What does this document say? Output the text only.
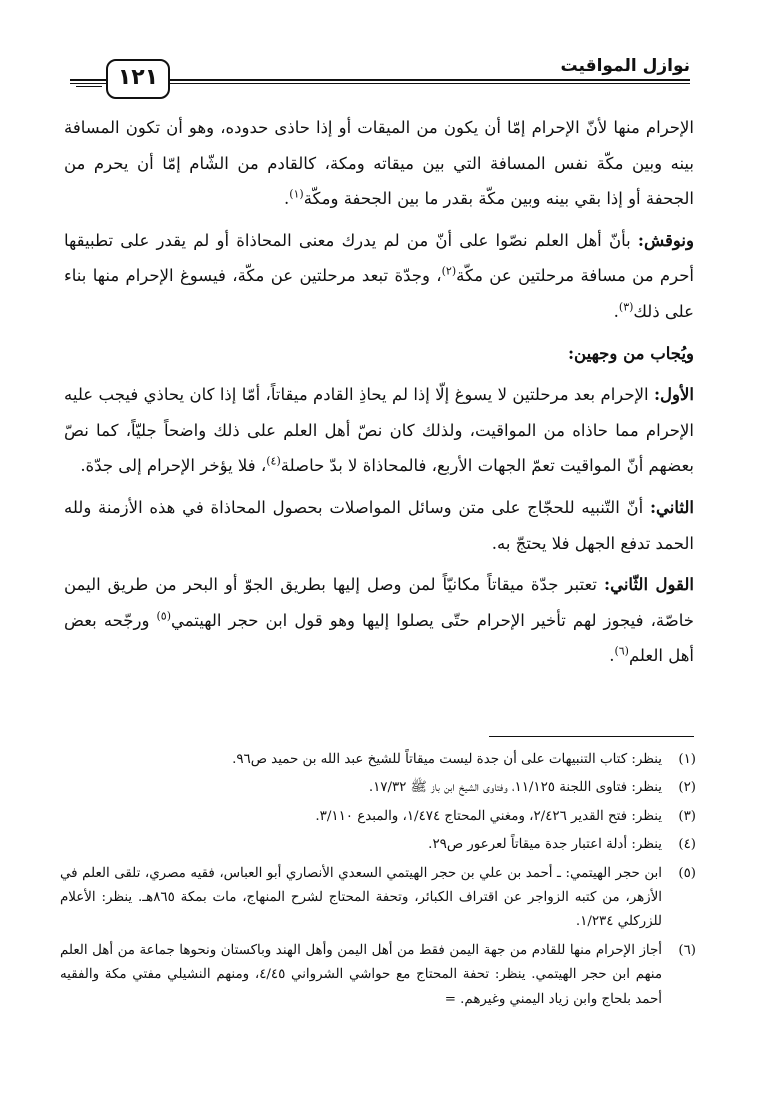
١٢١	نوازل المواقيت

الإحرام منها لأنّ الإحرام إمّا أن يكون من الميقات أو إذا حاذى حدوده، وهو أن تكون المسافة بينه وبين مكّة نفس المسافة التي بين ميقاته ومكة، كالقادم من الشّام إمّا أن يحرم من الجحفة أو إذا بقي بينه وبين مكّة بقدر ما بين الجحفة ومكّة$^{(١)}$.

ونوقش: بأنّ أهل العلم نصّوا على أنّ من لم يدرك معنى المحاذاة أو لم يقدر على تطبيقها أحرم من مسافة مرحلتين عن مكّة$^{(٢)}$، وجدّة تبعد مرحلتين عن مكّة، فيسوغ الإحرام منها بناء على ذلك$^{(٣)}$.

ويُجاب من وجهين:

الأول: الإحرام بعد مرحلتين لا يسوغ إلّا إذا لم يحاذِ القادم ميقاتاً، أمّا إذا كان يحاذي فيجب عليه الإحرام مما حاذاه من المواقيت، ولذلك كان نصّ أهل العلم على ذلك واضحاً جليّاً، كما نصّ بعضهم أنّ المواقيت تعمّ الجهات الأربع، فالمحاذاة لا بدّ حاصلة$^{(٤)}$، فلا يؤخر الإحرام إلى جدّة.

الثاني: أنّ التّنبيه للحجّاج على متن وسائل المواصلات بحصول المحاذاة في هذه الأزمنة ولله الحمد تدفع الجهل فلا يحتجّ به.

القول الثّاني: تعتبر جدّة ميقاتاً مكانيّاً لمن وصل إليها بطريق الجوّ أو البحر من طريق اليمن خاصّة، فيجوز لهم تأخير الإحرام حتّى يصلوا إليها وهو قول ابن حجر الهيتمي$^{(٥)}$ ورجّحه بعض أهل العلم$^{(٦)}$.

(١)
ينظر: كتاب التنبيهات على أن جدة ليست ميقاتاً للشيخ عبد الله بن حميد ص٩٦.
(٢)
ينظر: فتاوى اللجنة ١١/١٢٥، وفتاوى الشيخ ابن باز ﷺ ١٧/٣٢.
(٣)
ينظر: فتح القدير ٢/٤٢٦، ومغني المحتاج ١/٤٧٤، والمبدع ٣/١١٠.
(٤)
ينظر: أدلة اعتبار جدة ميقاتاً لعرعور ص٢٩.
(٥)
ابن حجر الهيتمي: ـ أحمد بن علي بن حجر الهيتمي السعدي الأنصاري أبو العباس، فقيه مصري، تلقى العلم في الأزهر، من كتبه الزواجر عن اقتراف الكبائر، وتحفة المحتاج لشرح المنهاج، مات بمكة ٨٦٥هـ. ينظر: الأعلام للزركلي ١/٢٣٤.
(٦)
أجاز الإحرام منها للقادم من جهة اليمن فقط من أهل اليمن وأهل الهند وباكستان ونحوها جماعة من أهل العلم منهم ابن حجر الهيتمي. ينظر: تحفة المحتاج مع حواشي الشرواني ٤/٤٥، ومنهم النشيلي مفتي مكة والفقيه أحمد بلحاج وابن زياد اليمني وغيرهم. =
